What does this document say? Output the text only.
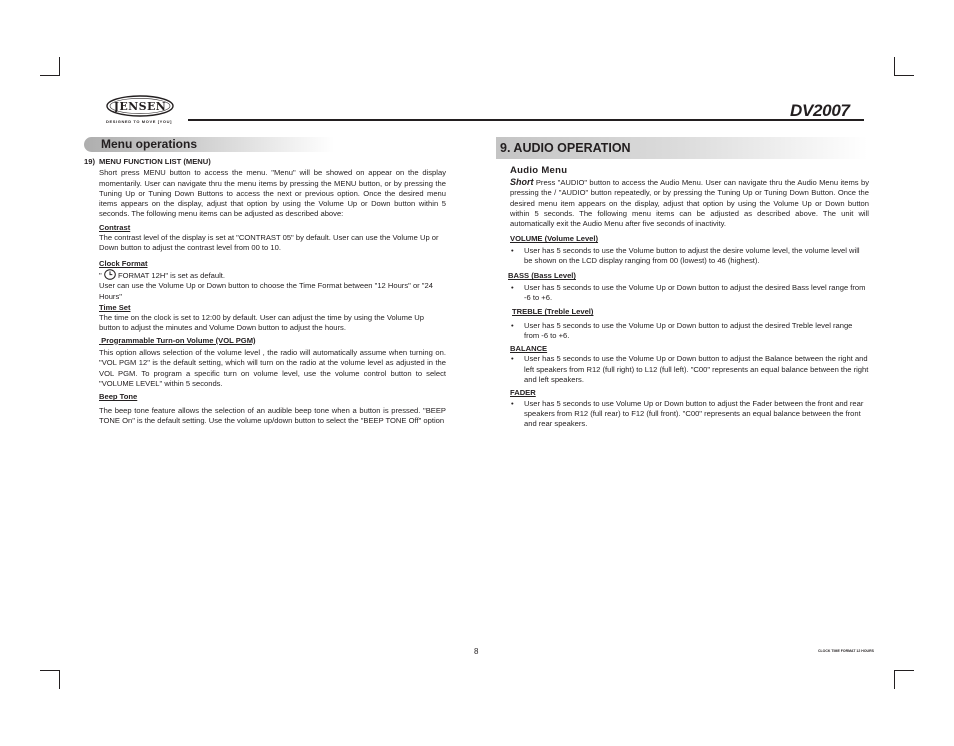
JENSEN
DESIGNED TO MOVE [YOU]
DV2007
Menu operations
19) MENU FUNCTION LIST (MENU)

Short press MENU button to access the menu. "Menu" will be showed on appear on the display momentarily. User can navigate thru the menu items by pressing the MENU button, or by pressing the Tuning Up or Tuning Down Buttons to access the next or previous option. Once the desired menu items appears on the display, adjust that option by using the Volume Up or Down button within 5 seconds. The following menu items can be adjusted as described above:

Contrast

The contrast level of the display is set at "CONTRAST 05" by default. User can use the Volume Up or Down button to adjust the contrast level from 00 to 10.

Clock Format

" FORMAT 12H" is set as default.

User can use the Volume Up or Down button to choose the Time Format between "12 Hours" or "24 Hours"

Time Set

The time on the clock is set to 12:00 by default. User can adjust the time by using the Volume Up button to adjust the minutes and Volume Down button to adjust the hours.

Programmable Turn-on Volume (VOL PGM)

This option allows selection of the volume level , the radio will automatically assume when turning on. "VOL PGM 12" is the default setting, which will turn on the radio at the volume level as adjusted in the VOL PGM. To program a specific turn on volume level, use the volume control button to select "VOLUME LEVEL" within 5 seconds.

Beep Tone

The beep tone feature allows the selection of an audible beep tone when a button is pressed. "BEEP TONE On" is the default setting. Use the volume up/down button to select the "BEEP TONE Off" option

9. AUDIO OPERATION

Audio Menu

Short Press "AUDIO" button to access the Audio Menu. User can navigate thru the Audio Menu items by pressing the / "AUDIO" button repeatedly, or by pressing the Tuning Up or Tuning Down Button. Once the desired menu item appears on the display, adjust that option by using the Volume Up or Down button within 5 seconds. The following menu items can be adjusted as described above. The unit will automatically exit the Audio Menu after five seconds of inactivity.

VOLUME (Volume Level)

• User has 5 seconds to use the Volume button to adjust the desire volume level, the volume level will be shown on the LCD display ranging from 00 (lowest) to 46 (highest).

BASS (Bass Level)

• User has 5 seconds to use the Volume Up or Down button to adjust the desired Bass level range from -6 to +6.

TREBLE (Treble Level)

• User has 5 seconds to use the Volume Up or Down button to adjust the desired Treble level range from -6 to +6.

BALANCE

• User has 5 seconds to use the Volume Up or Down button to adjust the Balance between the right and left speakers from R12 (full right) to L12 (full left). "C00" represents an equal balance between the right and left speakers.

FADER

• User has 5 seconds to use Volume Up or Down button to adjust the Fader between the front and rear speakers from R12 (full rear) to F12 (full front). "C00" represents an equal balance between the front and rear speakers.
8	CLOCK TIME FORMAT 12 HOURS
